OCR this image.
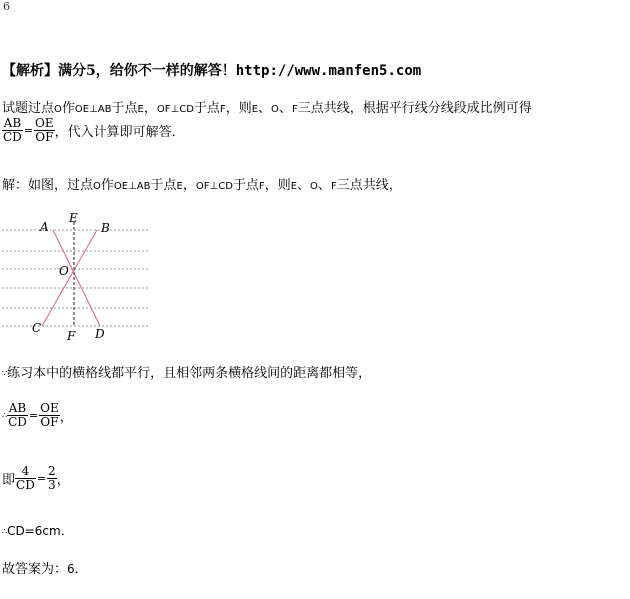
6
【解析】满分5，给你不一样的解答！http://www.manfen5.com
试题过点O作OE⊥AB于点E，OF⊥CD于点F，则E、O、F三点共线，根据平行线分线段成比例可得
$\frac{AB}{CD} = \frac{OE}{OF}$ ，代入计算即可解答．
解：如图，过点O作OE⊥AB于点E，OF⊥CD于点F，则E、O、F三点共线，
A	B
E
O
C
F D
∵练习本中的横格线都平行，且相邻两条横格线间的距离都相等，
∴ $\frac{AB}{CD} = \frac{OE}{OF}$ ，
即 $\frac{4}{CD} = \frac{2}{3}$ ，
∴CD=6cm．
故答案为：6．
